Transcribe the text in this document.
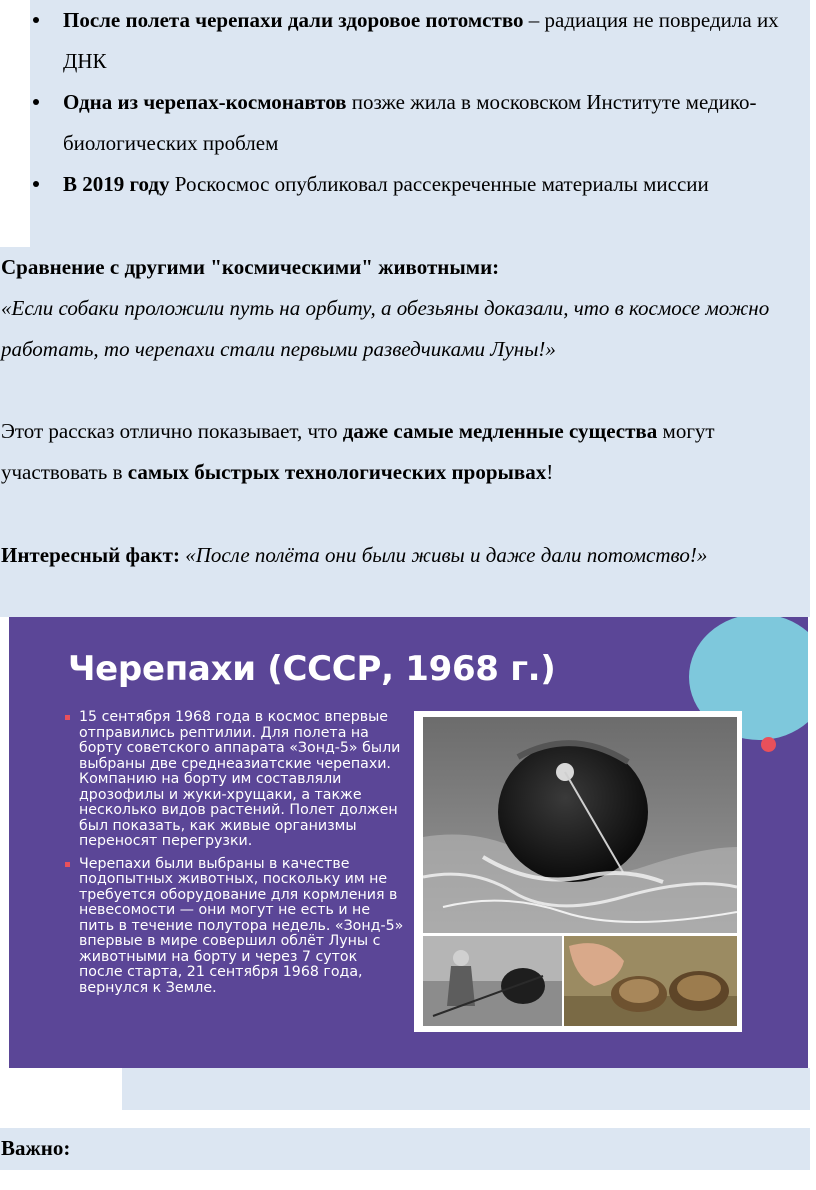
После полета черепахи дали здоровое потомство – радиация не повредила их ДНК
Одна из черепах-космонавтов позже жила в московском Институте медико-биологических проблем
В 2019 году Роскосмос опубликовал рассекреченные материалы миссии

Сравнение с другими "космическими" животными:

«Если собаки проложили путь на орбиту, а обезьяны доказали, что в космосе можно работать, то черепахи стали первыми разведчиками Луны!»

Этот рассказ отлично показывает, что даже самые медленные существа могут участвовать в самых быстрых технологических прорывах!

Интересный факт: «После полёта они были живы и даже дали потомство!»

Черепахи (СССР, 1968 г.)
15 сентября 1968 года в космос впервые отправились рептилии. Для полета на борту советского аппарата «Зонд-5» были выбраны две среднеазиатские черепахи. Компанию на борту им составляли дрозофилы и жуки-хрущаки, а также несколько видов растений. Полет должен был показать, как живые организмы переносят перегрузки.
Черепахи были выбраны в качестве подопытных животных, поскольку им не требуется оборудование для кормления в невесомости — они могут не есть и не пить в течение полутора недель. «Зонд-5» впервые в мире совершил облёт Луны с животными на борту и через 7 суток после старта, 21 сентября 1968 года, вернулся к Земле.

Важно:
